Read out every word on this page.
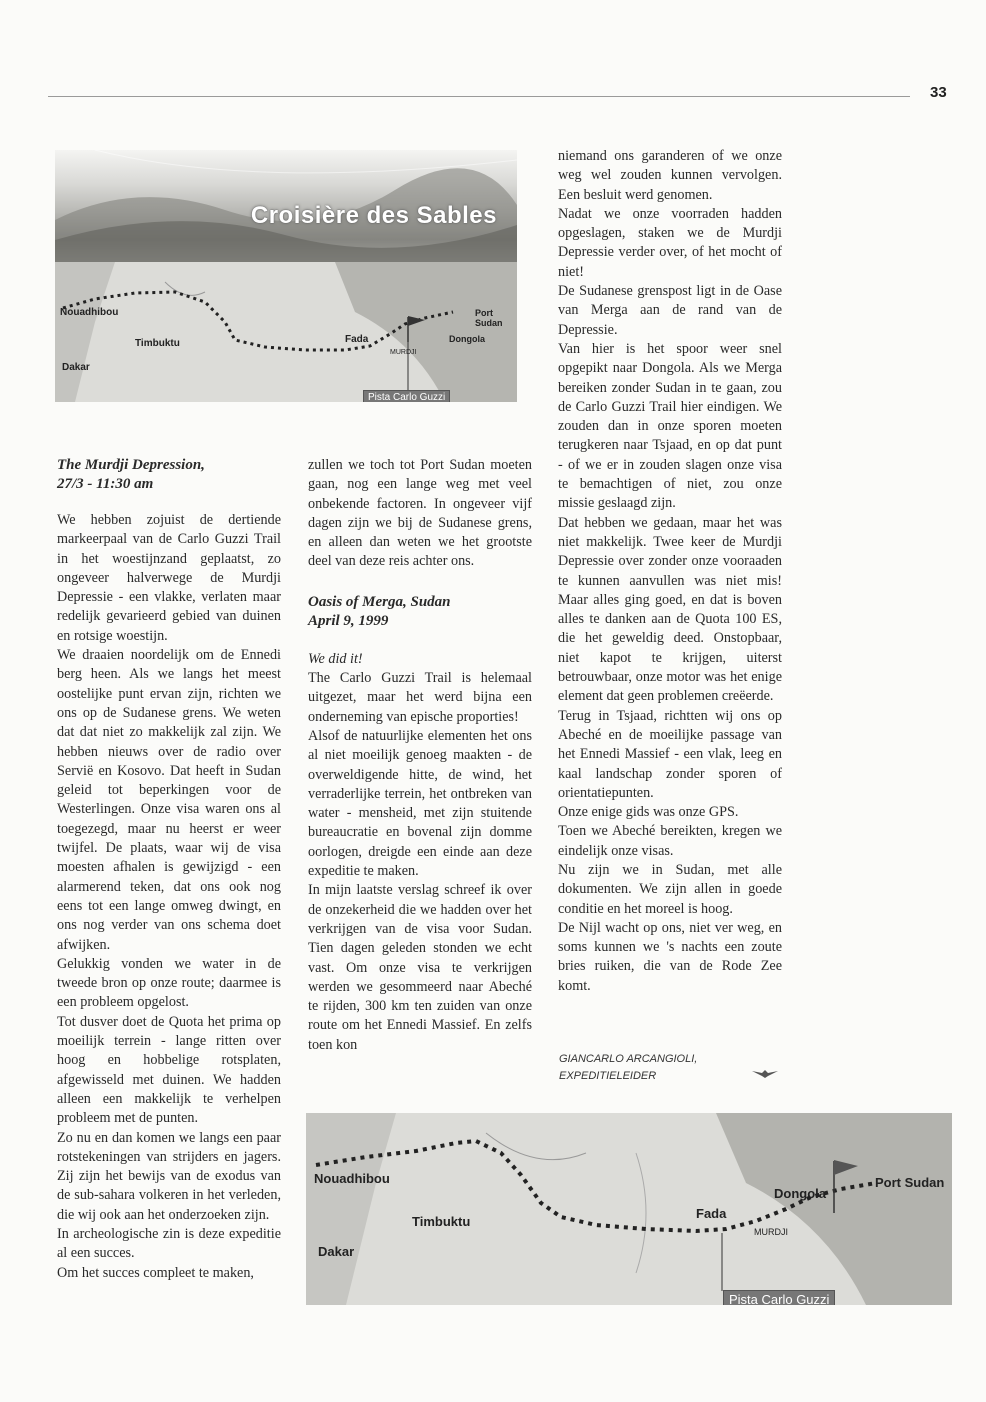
33
Croisière des Sables
Nouadhibou
Timbuktu
Dakar
Fada
MURDJI
Dongola
Port Sudan
Pista Carlo Guzzi

The Murdji Depression,

27/3 - 11:30 am

We hebben zojuist de dertiende markeerpaal van de Carlo Guzzi Trail in het woestijnzand geplaatst, zo ongeveer halverwege de Murdji Depressie - een vlakke, verlaten maar redelijk gevarieerd gebied van duinen en rotsige woestijn.

We draaien noordelijk om de Ennedi berg heen. Als we langs het meest oostelijke punt ervan zijn, richten we ons op de Sudanese grens. We weten dat dat niet zo makkelijk zal zijn. We hebben nieuws over de radio over Servië en Kosovo. Dat heeft in Sudan geleid tot beperkingen voor de Westerlingen. Onze visa waren ons al toegezegd, maar nu heerst er weer twijfel. De plaats, waar wij de visa moesten afhalen is gewijzigd - een alarmerend teken, dat ons ook nog eens tot een lange omweg dwingt, en ons nog verder van ons schema doet afwijken.

Gelukkig vonden we water in de tweede bron op onze route; daarmee is een probleem opgelost.

Tot dusver doet de Quota het prima op moeilijk terrein - lange ritten over hoog en hobbelige rotsplaten, afgewisseld met duinen. We hadden alleen een makkelijk te verhelpen probleem met de punten.

Zo nu en dan komen we langs een paar rotstekeningen van strijders en jagers. Zij zijn het bewijs van de exodus van de sub-sahara volkeren in het verleden, die wij ook aan het onderzoeken zijn.

In archeologische zin is deze expeditie al een succes.

Om het succes compleet te maken,

zullen we toch tot Port Sudan moeten gaan, nog een lange weg met veel onbekende factoren. In ongeveer vijf dagen zijn we bij de Sudanese grens, en alleen dan weten we het grootste deel van deze reis achter ons.

Oasis of Merga, Sudan

April 9, 1999

We did it!

The Carlo Guzzi Trail is helemaal uitgezet, maar het werd bijna een onderneming van epische proporties!

Alsof de natuurlijke elementen het ons al niet moeilijk genoeg maakten - de overweldigende hitte, de wind, het verraderlijke terrein, het ontbreken van water - mensheid, met zijn stuitende bureaucratie en bovenal zijn domme oorlogen, dreigde een einde aan deze expeditie te maken.

In mijn laatste verslag schreef ik over de onzekerheid die we hadden over het verkrijgen van de visa voor Sudan. Tien dagen geleden stonden we echt vast. Om onze visa te verkrijgen werden we gesommeerd naar Abeché te rijden, 300 km ten zuiden van onze route om het Ennedi Massief. En zelfs toen kon

niemand ons garanderen of we onze weg wel zouden kunnen vervolgen. Een besluit werd genomen.

Nadat we onze voorraden hadden opgeslagen, staken we de Murdji Depressie verder over, of het mocht of niet!

De Sudanese grenspost ligt in de Oase van Merga aan de rand van de Depressie.

Van hier is het spoor weer snel opgepikt naar Dongola. Als we Merga bereiken zonder Sudan in te gaan, zou de Carlo Guzzi Trail hier eindigen. We zouden dan in onze sporen moeten terugkeren naar Tsjaad, en op dat punt - of we er in zouden slagen onze visa te bemachtigen of niet, zou onze missie geslaagd zijn.

Dat hebben we gedaan, maar het was niet makkelijk. Twee keer de Murdji Depressie over zonder onze vooraaden te kunnen aanvullen was niet mis! Maar alles ging goed, en dat is boven alles te danken aan de Quota 100 ES, die het geweldig deed. Onstopbaar, niet kapot te krijgen, uiterst betrouwbaar, onze motor was het enige element dat geen problemen creëerde.

Terug in Tsjaad, richtten wij ons op Abeché en de moeilijke passage van het Ennedi Massief - een vlak, leeg en kaal landschap zonder sporen of orientatiepunten.

Onze enige gids was onze GPS.

Toen we Abeché bereikten, kregen we eindelijk onze visas.

Nu zijn we in Sudan, met alle dokumenten. We zijn allen in goede conditie en het moreel is hoog.

De Nijl wacht op ons, niet ver weg, en soms kunnen we 's nachts een zoute bries ruiken, die van de Rode Zee komt.

GIANCARLO ARCANGIOLI,
EXPEDITIELEIDER
Nouadhibou
Timbuktu
Dakar
Fada
MURDJI
Dongola
Port Sudan
Pista Carlo Guzzi
